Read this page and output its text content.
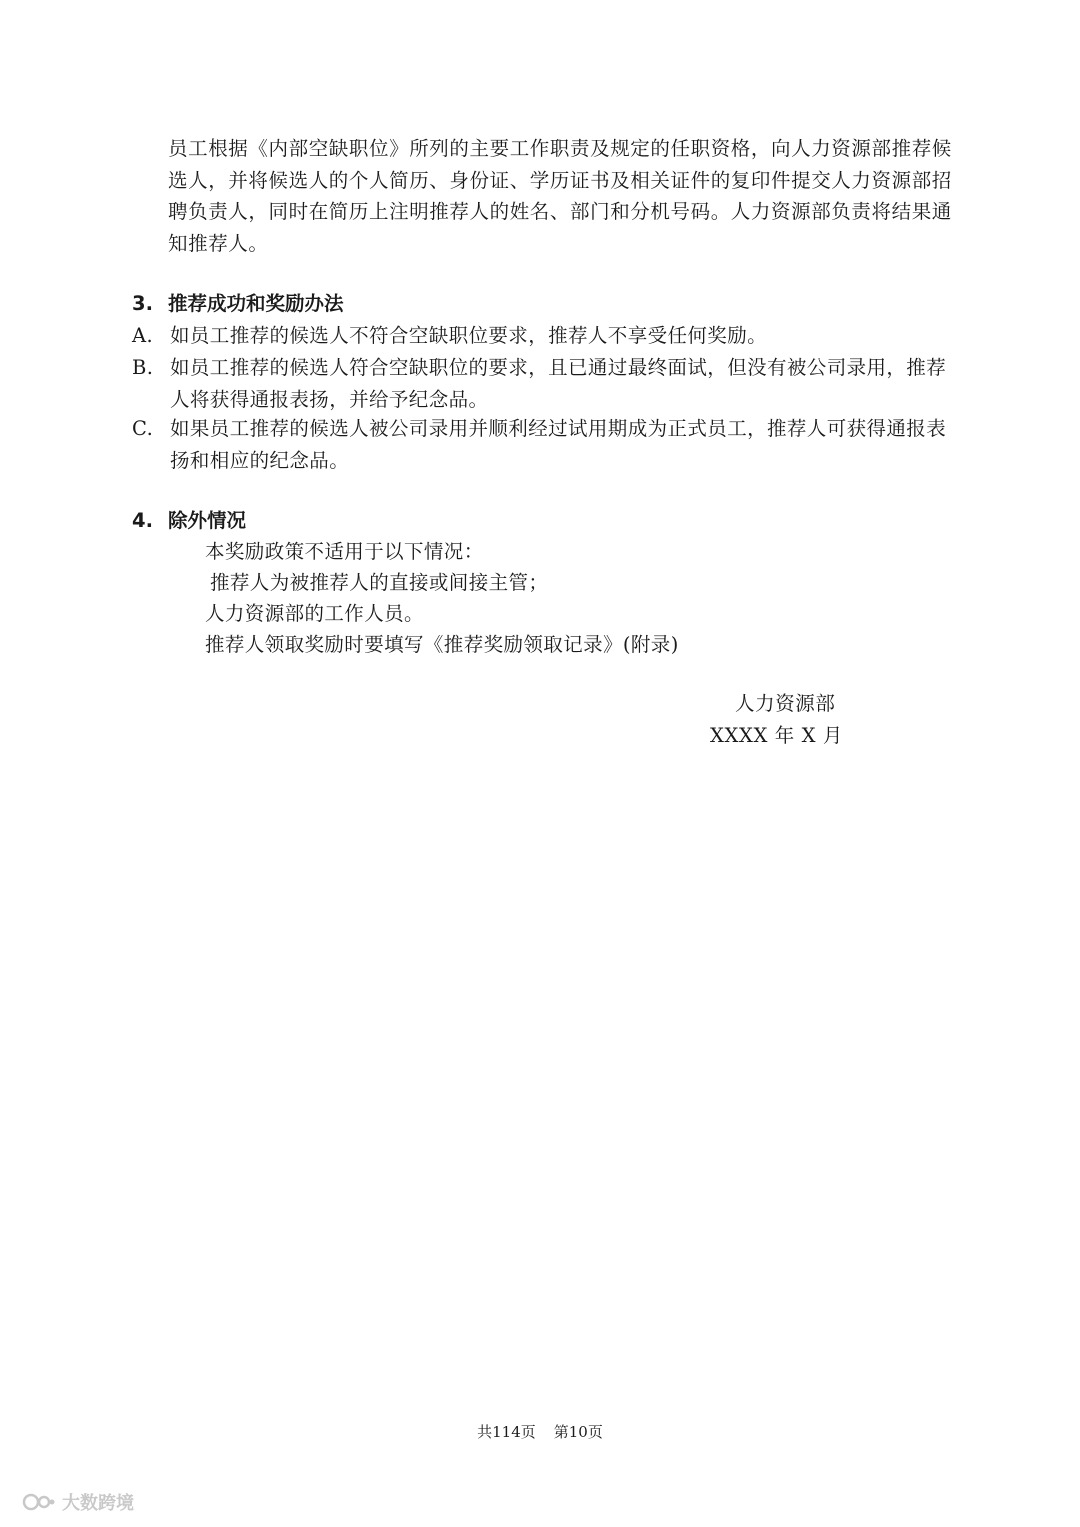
员工根据《内部空缺职位》所列的主要工作职责及规定的任职资格，向人力资源部推荐候选人，并将候选人的个人简历、身份证、学历证书及相关证件的复印件提交人力资源部招聘负责人，同时在简历上注明推荐人的姓名、部门和分机号码。人力资源部负责将结果通知推荐人。

3. 推荐成功和奖励办法
A. 如员工推荐的候选人不符合空缺职位要求，推荐人不享受任何奖励。
B. 如员工推荐的候选人符合空缺职位的要求，且已通过最终面试，但没有被公司录用，推荐人将获得通报表扬，并给予纪念品。
C. 如果员工推荐的候选人被公司录用并顺利经过试用期成为正式员工，推荐人可获得通报表扬和相应的纪念品。
4. 除外情况

本奖励政策不适用于以下情况：

推荐人为被推荐人的直接或间接主管；

人力资源部的工作人员。

推荐人领取奖励时要填写《推荐奖励领取记录》(附录)

人力资源部

XXXX 年 X 月

共114页 第10页
大数跨境
